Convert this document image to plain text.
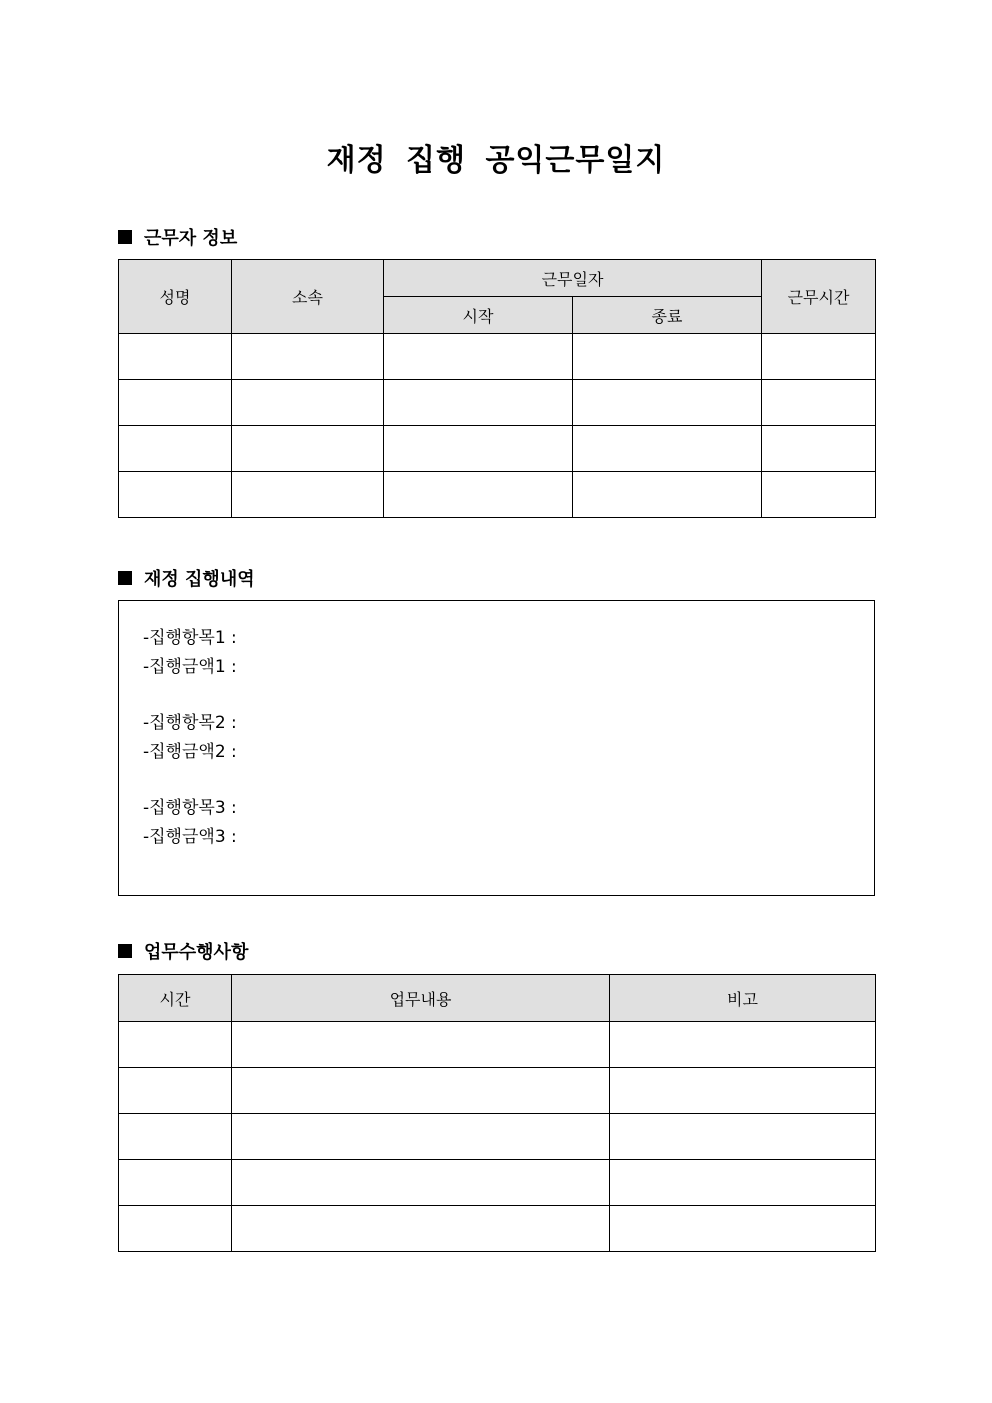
재정 집행 공익근무일지
근무자 정보
성명	소속	근무일자		근무시간
		시작	종료	

재정 집행내역
-집행항목1 :
-집행금액1 :
-집행항목2 :
-집행금액2 :
-집행항목3 :
-집행금액3 :
업무수행사항
시간	업무내용	비고
